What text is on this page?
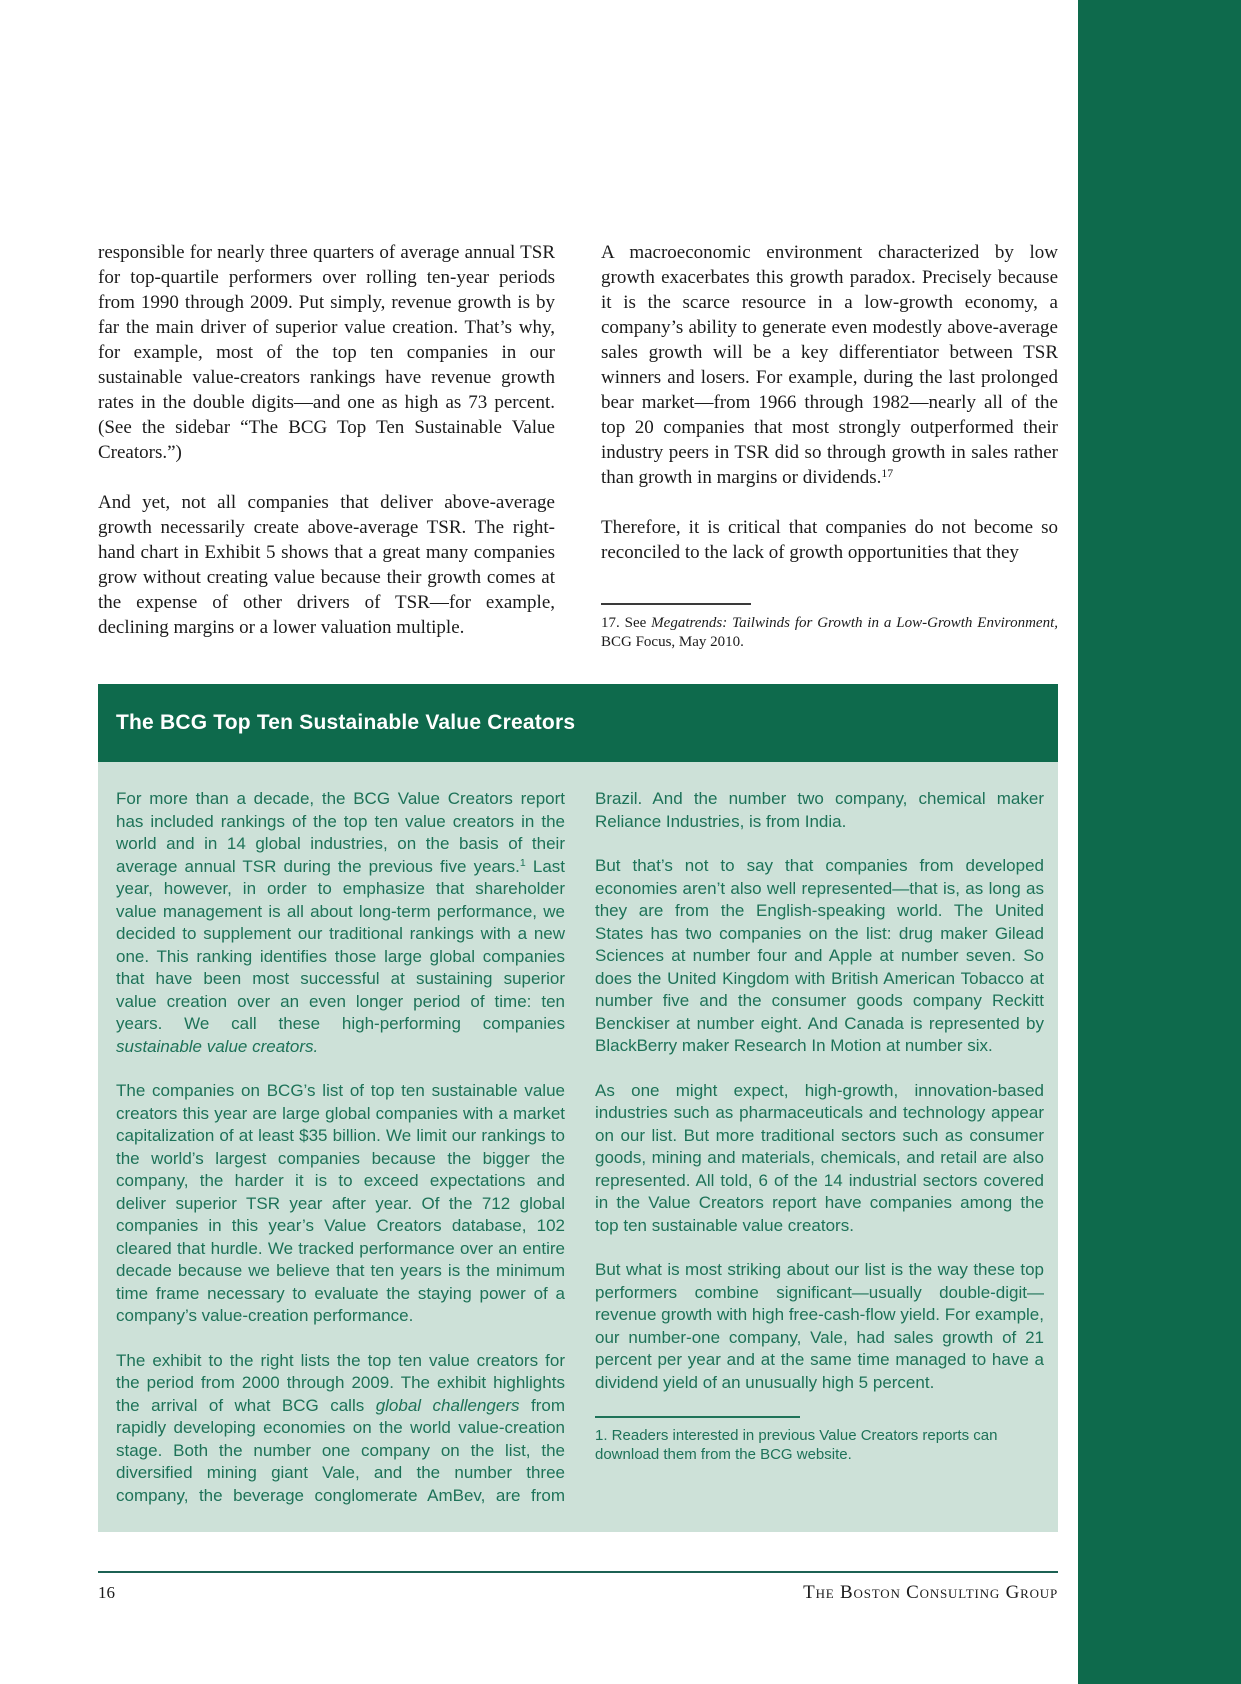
responsible for nearly three quarters of average annual TSR for top-quartile performers over rolling ten-year periods from 1990 through 2009. Put simply, revenue growth is by far the main driver of superior value creation. That’s why, for example, most of the top ten companies in our sustainable value-creators rankings have revenue growth rates in the double digits—and one as high as 73 percent. (See the sidebar “The BCG Top Ten Sustainable Value Creators.”)

And yet, not all companies that deliver above-average growth necessarily create above-average TSR. The right-hand chart in Exhibit 5 shows that a great many companies grow without creating value because their growth comes at the expense of other drivers of TSR—for example, declining margins or a lower valuation multiple.

A macroeconomic environment characterized by low growth exacerbates this growth paradox. Precisely because it is the scarce resource in a low-growth economy, a company’s ability to generate even modestly above-average sales growth will be a key differentiator between TSR winners and losers. For example, during the last prolonged bear market—from 1966 through 1982—nearly all of the top 20 companies that most strongly outperformed their industry peers in TSR did so through growth in sales rather than growth in margins or dividends.$^{17}$

Therefore, it is critical that companies do not become so reconciled to the lack of growth opportunities that they

17. See Megatrends: Tailwinds for Growth in a Low-Growth Environment, BCG Focus, May 2010.

The BCG Top Ten Sustainable Value Creators

For more than a decade, the BCG Value Creators report has included rankings of the top ten value creators in the world and in 14 global industries, on the basis of their average annual TSR during the previous five years.$^1$ Last year, however, in order to emphasize that shareholder value management is all about long-term performance, we decided to supplement our traditional rankings with a new one. This ranking identifies those large global companies that have been most successful at sustaining superior value creation over an even longer period of time: ten years. We call these high-performing companies sustainable value creators.

The companies on BCG’s list of top ten sustainable value creators this year are large global companies with a market capitalization of at least $35 billion. We limit our rankings to the world’s largest companies because the bigger the company, the harder it is to exceed expectations and deliver superior TSR year after year. Of the 712 global companies in this year’s Value Creators database, 102 cleared that hurdle. We tracked performance over an entire decade because we believe that ten years is the minimum time frame necessary to evaluate the staying power of a company’s value-creation performance.

The exhibit to the right lists the top ten value creators for the period from 2000 through 2009. The exhibit highlights the arrival of what BCG calls global challengers from rapidly developing economies on the world value-creation stage. Both the number one company on the list, the diversified mining giant Vale, and the number three company, the beverage conglomerate AmBev, are from Brazil. And the number two company, chemical maker Reliance Industries, is from India.

But that’s not to say that companies from developed economies aren’t also well represented—that is, as long as they are from the English-speaking world. The United States has two companies on the list: drug maker Gilead Sciences at number four and Apple at number seven. So does the United Kingdom with British American Tobacco at number five and the consumer goods company Reckitt Benckiser at number eight. And Canada is represented by BlackBerry maker Research In Motion at number six.

As one might expect, high-growth, innovation-based industries such as pharmaceuticals and technology appear on our list. But more traditional sectors such as consumer goods, mining and materials, chemicals, and retail are also represented. All told, 6 of the 14 industrial sectors covered in the Value Creators report have companies among the top ten sustainable value creators.

But what is most striking about our list is the way these top performers combine significant—usually double-digit—revenue growth with high free-cash-flow yield. For example, our number-one company, Vale, had sales growth of 21 percent per year and at the same time managed to have a dividend yield of an unusually high 5 percent.

1. Readers interested in previous Value Creators reports can download them from the BCG website.

16	The Boston Consulting Group
